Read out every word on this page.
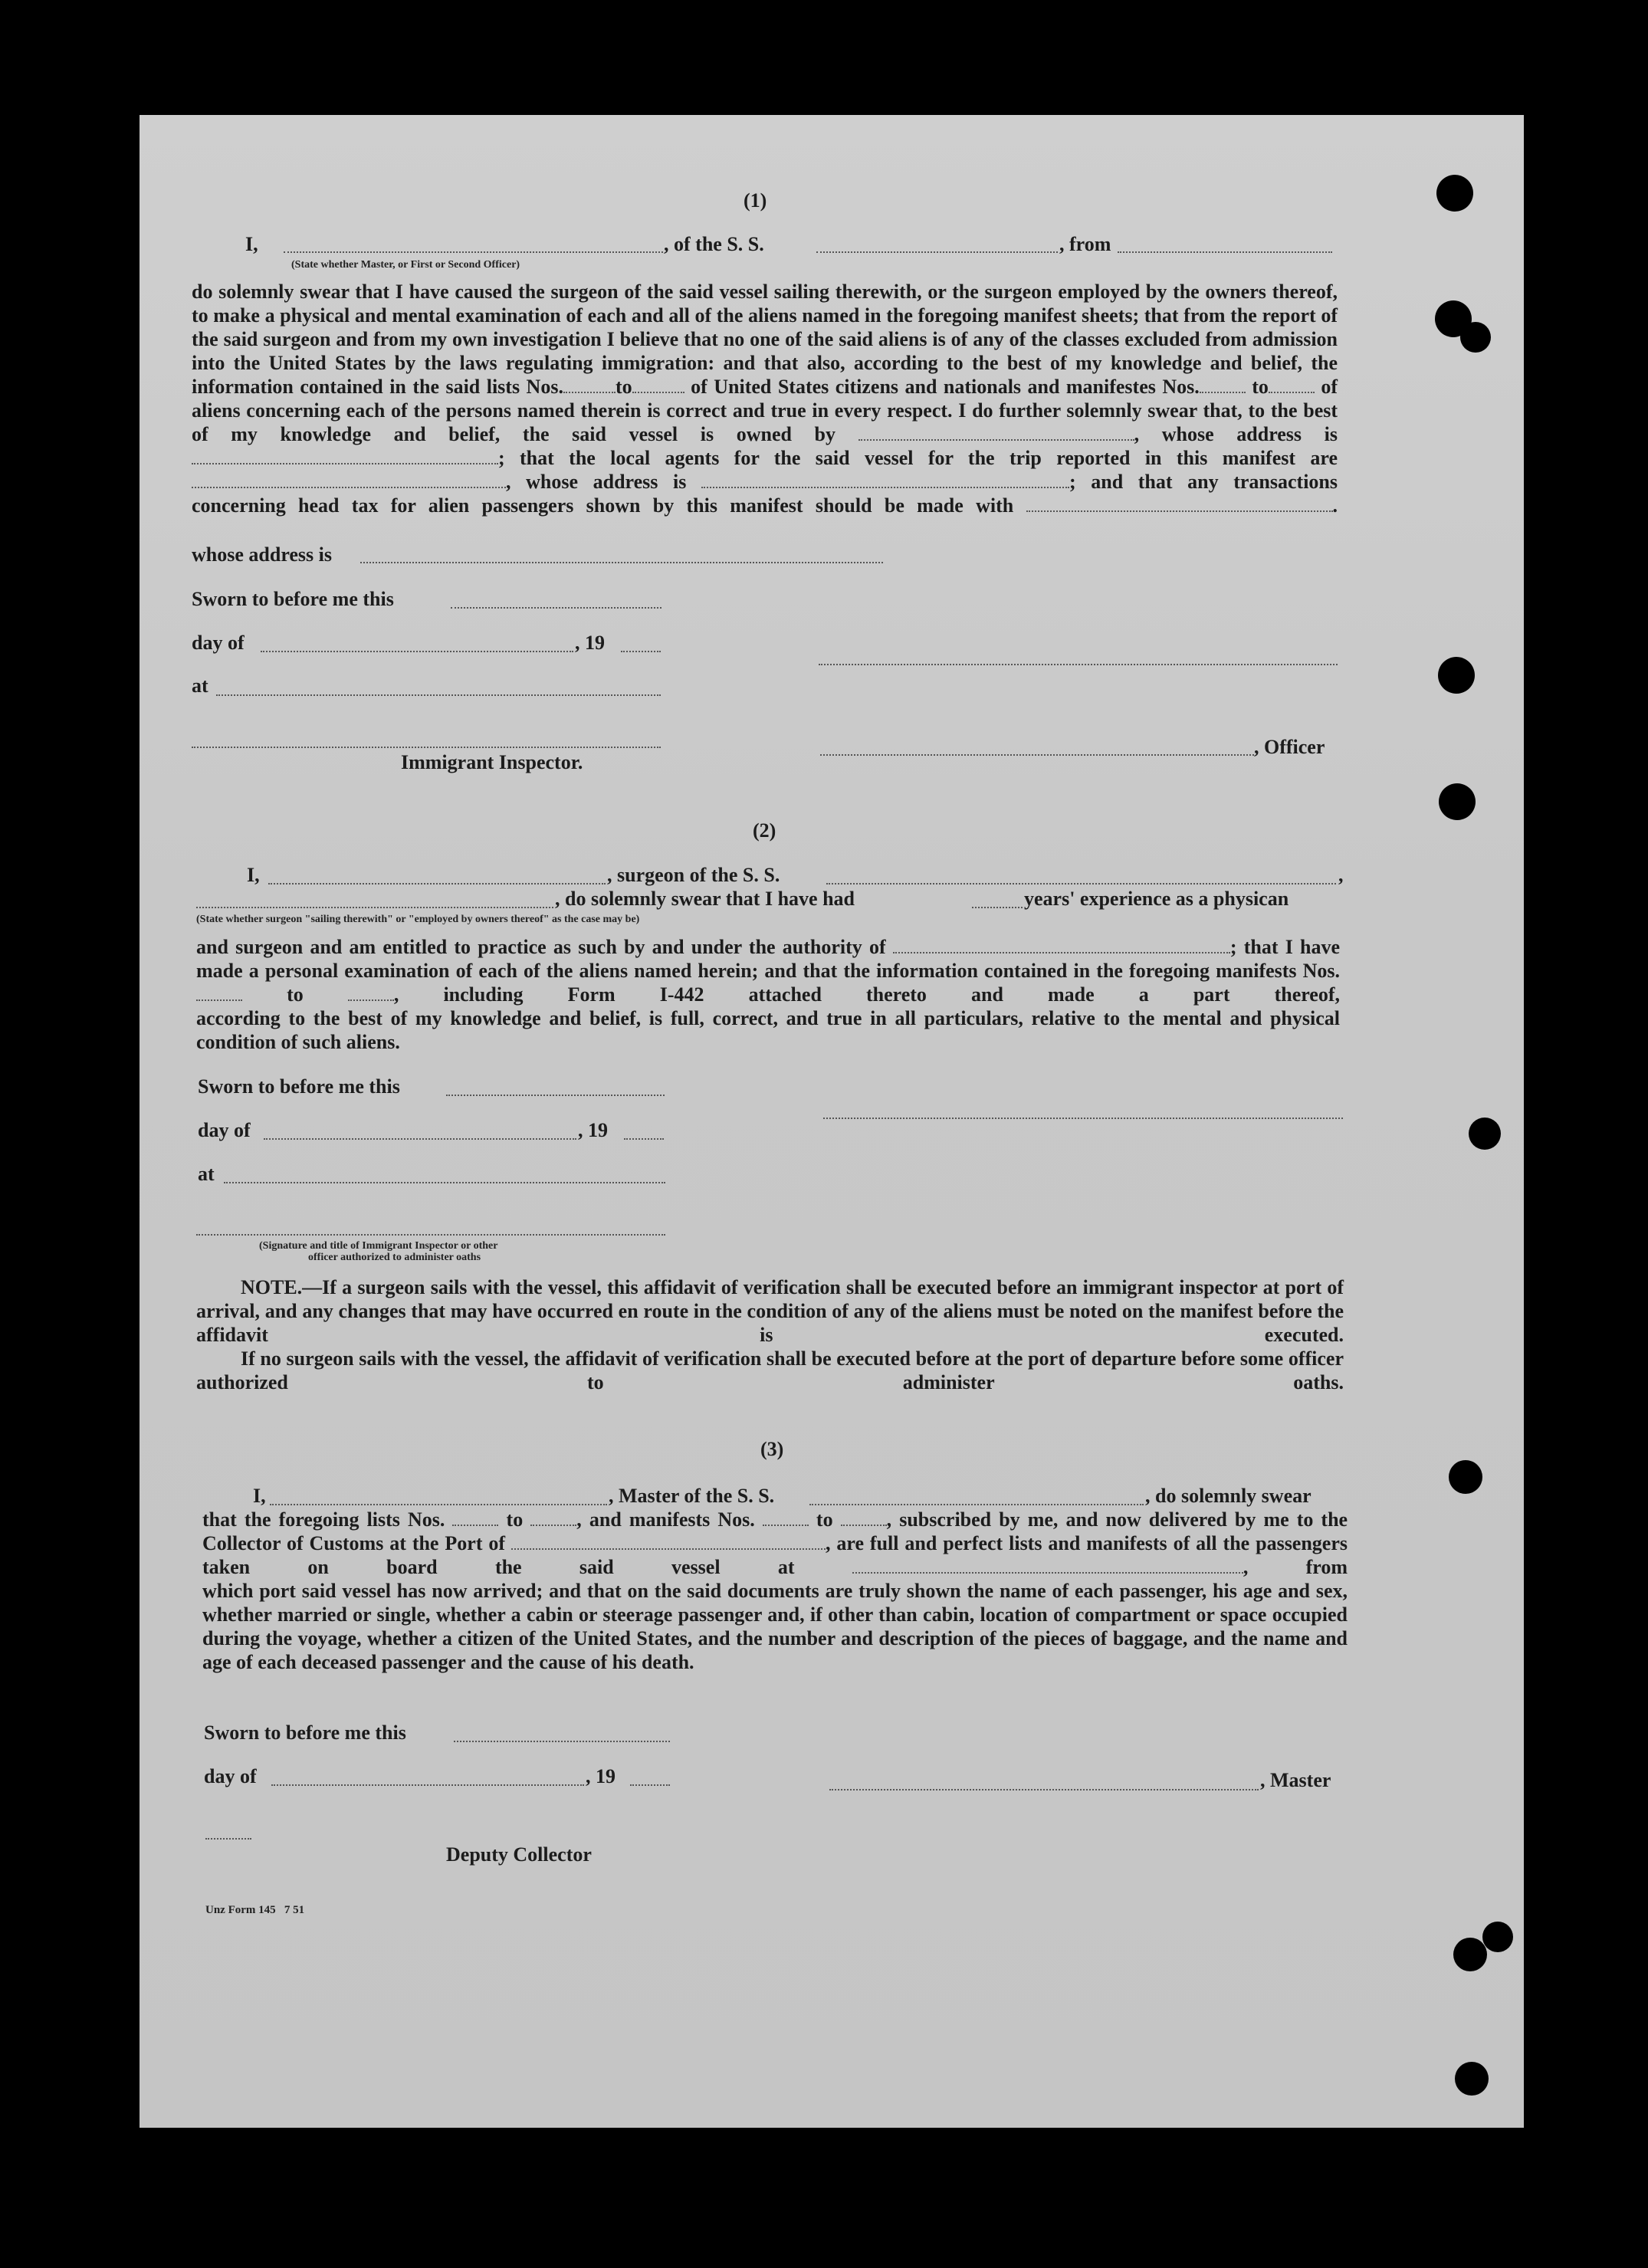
(1)
I,	, of the S. S.	, from
(State whether Master, or First or Second Officer)
do solemnly swear that I have caused the surgeon of the said vessel sailing therewith, or the surgeon employed by the owners thereof, to make a physical and mental examination of each and all of the aliens named in the foregoing manifest sheets; that from the report of the said surgeon and from my own investigation I believe that no one of the said aliens is of any of the classes excluded from admission into the United States by the laws regulating immigration: and that also, according to the best of my knowledge and belief, the information contained in the said lists Nos.	to	of United States citizens and nationals and manifestes Nos.	to	of aliens concerning each of the persons named therein is correct and true in every respect. I do further solemnly swear that, to the best of my knowledge and belief, the said vessel is owned by	, whose address is ; that the local agents for the said vessel for the trip reported in this manifest are , whose address is	; and that any transactions concerning head tax for alien passengers shown by this manifest should be made with	.
whose address is
Sworn to before me this
day of	, 19
at
, Officer
Immigrant Inspector.
(2)
I,	, surgeon of the S. S.	,
, do solemnly swear that I have had	years' experience as a physican
(State whether surgeon "sailing therewith" or "employed by owners thereof" as the case may be)
and surgeon and am entitled to practice as such by and under the authority of	; that I have made a personal examination of each of the aliens named herein; and that the information contained in the foregoing manifests Nos.  to	, including Form I-442 attached thereto and made a part thereof,
according to the best of my knowledge and belief, is full, correct, and true in all particulars, relative to the mental and physical condition of such aliens.
Sworn to before me this
day of	, 19
at
(Signature and title of Immigrant Inspector or other
officer authorized to administer oaths
NOTE.—If a surgeon sails with the vessel, this affidavit of verification shall be executed before an immigrant inspector at port of arrival, and any changes that may have occurred en route in the condition of any of the aliens must be noted on the manifest before the affidavit is executed.
If no surgeon sails with the vessel, the affidavit of verification shall be executed before at the port of departure before some officer authorized to administer oaths.
(3)
I,	, Master of the S. S.	, do solemnly swear
that the foregoing lists Nos.	to	, and manifests Nos.	to	, subscribed by me, and now delivered by me to the Collector of Customs at the Port of	, are full and perfect lists and manifests of all the passengers taken on board the said vessel at	, from
which port said vessel has now arrived; and that on the said documents are truly shown the name of each passenger, his age and sex, whether married or single, whether a cabin or steerage passenger and, if other than cabin, location of compartment or space occupied during the voyage, whether a citizen of the United States, and the number and description of the pieces of baggage, and the name and age of each deceased passenger and the cause of his death.
Sworn to before me this
day of	, 19	, Master
Deputy Collector
Unz Form 145   7 51
